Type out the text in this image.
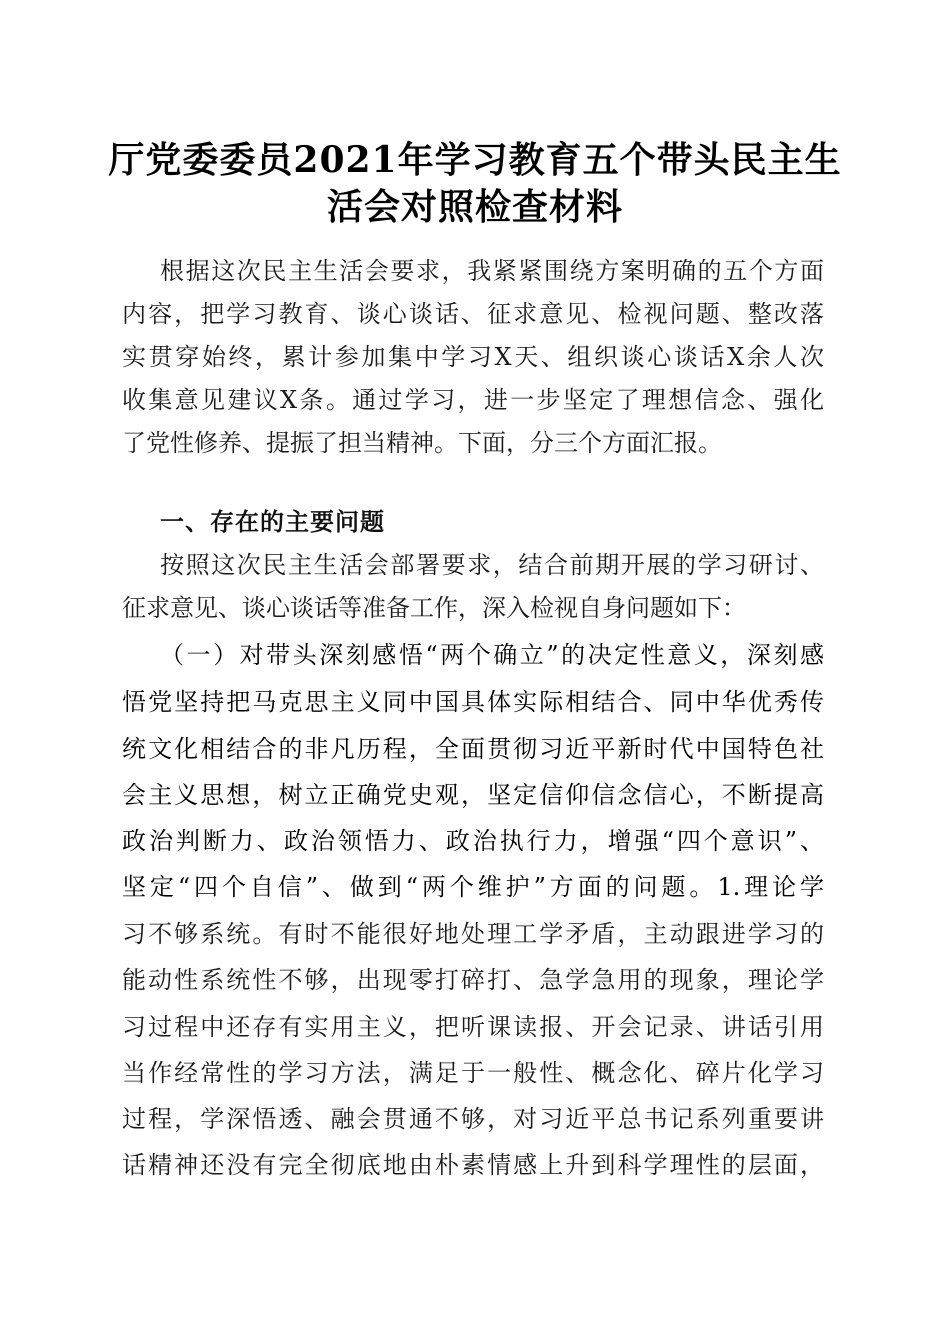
厅党委委员2021年学习教育五个带头民主生
活会对照检查材料
根据这次民主生活会要求，我紧紧围绕方案明确的五个方面
内容，把学习教育、谈心谈话、征求意见、检视问题、整改落
实贯穿始终，累计参加集中学习X天、组织谈心谈话X余人次
收集意见建议X条。通过学习，进一步坚定了理想信念、强化
了党性修养、提振了担当精神。下面，分三个方面汇报。
一、存在的主要问题
按照这次民主生活会部署要求，结合前期开展的学习研讨、
征求意见、谈心谈话等准备工作，深入检视自身问题如下：
（一）对带头深刻感悟“两个确立”的决定性意义，深刻感
悟党坚持把马克思主义同中国具体实际相结合、同中华优秀传
统文化相结合的非凡历程，全面贯彻习近平新时代中国特色社
会主义思想，树立正确党史观，坚定信仰信念信心，不断提高
政治判断力、政治领悟力、政治执行力，增强“四个意识”、
坚定“四个自信”、做到“两个维护”方面的问题。1.理论学
习不够系统。有时不能很好地处理工学矛盾，主动跟进学习的
能动性系统性不够，出现零打碎打、急学急用的现象，理论学
习过程中还存有实用主义，把听课读报、开会记录、讲话引用
当作经常性的学习方法，满足于一般性、概念化、碎片化学习
过程，学深悟透、融会贯通不够，对习近平总书记系列重要讲
话精神还没有完全彻底地由朴素情感上升到科学理性的层面，
